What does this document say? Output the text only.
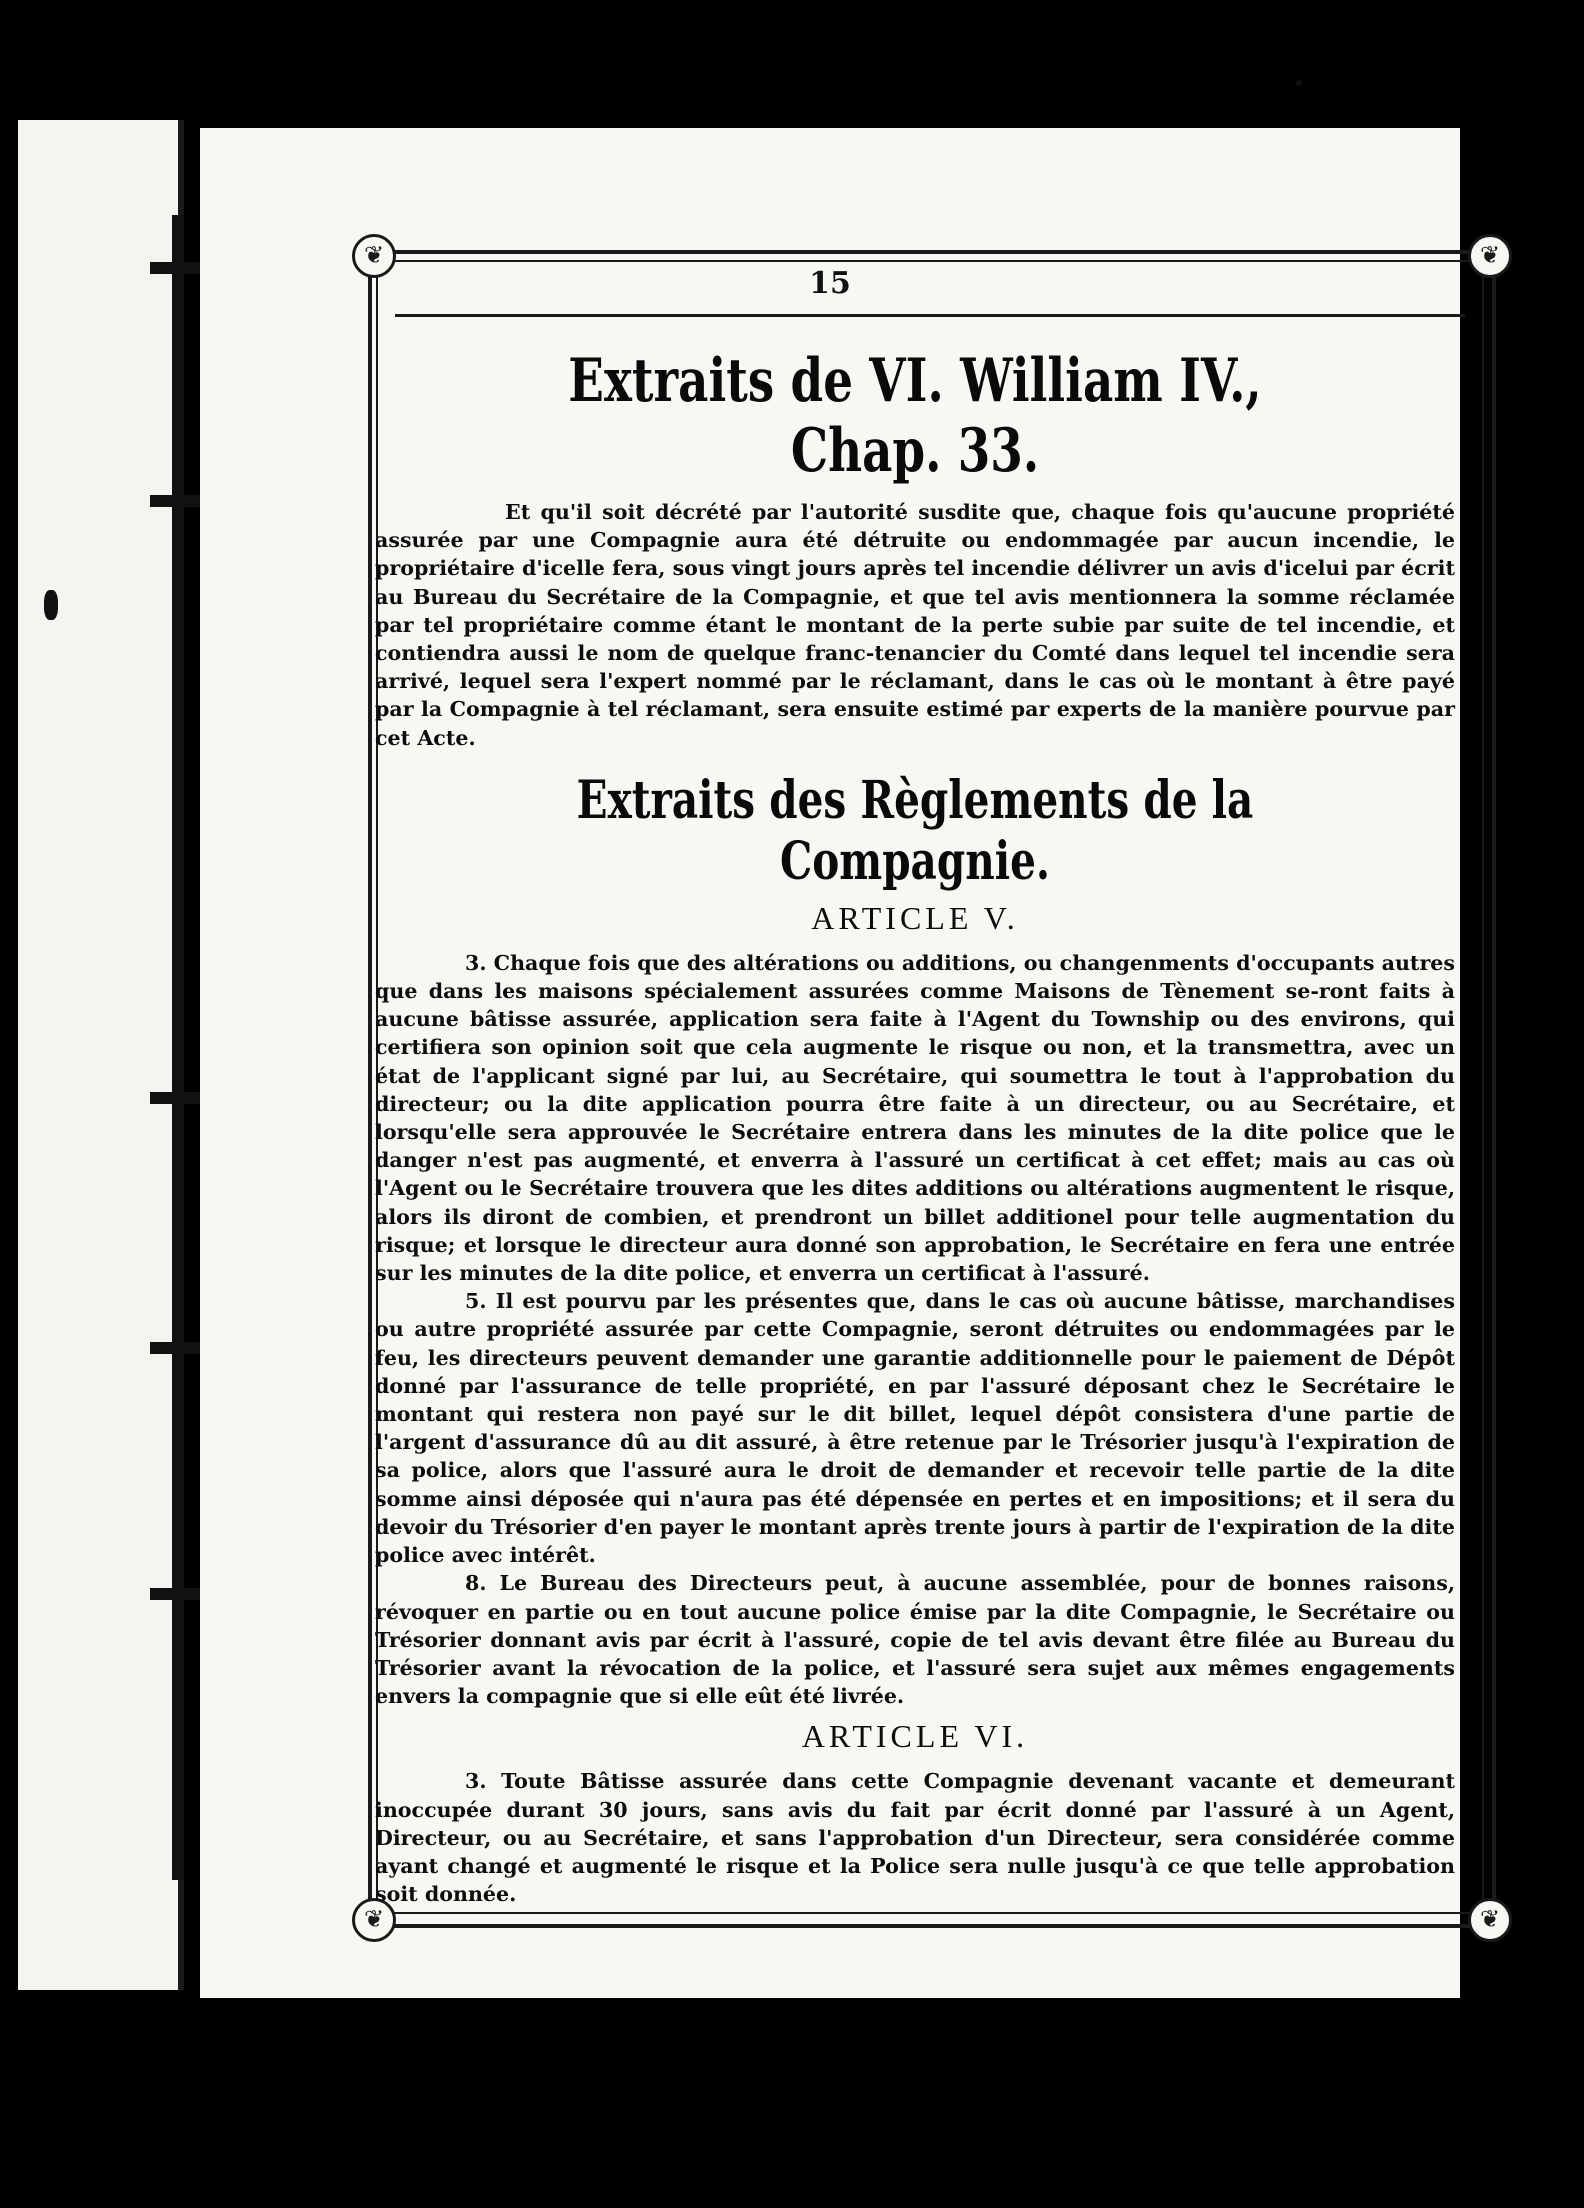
❦	❦
❦	❦
15
Extraits de VI. William IV., Chap. 33.

Et qu'il soit décrété par l'autorité susdite que, chaque fois qu'aucune propriété assurée par une Compagnie aura été détruite ou endommagée par aucun incendie, le propriétaire d'icelle fera, sous vingt jours après tel incendie délivrer un avis d'icelui par écrit au Bureau du Secrétaire de la Compagnie, et que tel avis mentionnera la somme réclamée par tel propriétaire comme étant le montant de la perte subie par suite de tel incendie, et contiendra aussi le nom de quelque franc-tenancier du Comté dans lequel tel incendie sera arrivé, lequel sera l'expert nommé par le réclamant, dans le cas où le montant à être payé par la Compagnie à tel réclamant, sera ensuite estimé par experts de la manière pourvue par cet Acte.

Extraits des Règlements de la Compagnie.
ARTICLE V.

3. Chaque fois que des altérations ou additions, ou changenments d'occupants autres que dans les maisons spécialement assurées comme Maisons de Tènement se-ront faits à aucune bâtisse assurée, application sera faite à l'Agent du Township ou des environs, qui certifiera son opinion soit que cela augmente le risque ou non, et la transmettra, avec un état de l'applicant signé par lui, au Secrétaire, qui soumettra le tout à l'approbation du directeur; ou la dite application pourra être faite à un directeur, ou au Secrétaire, et lorsqu'elle sera approuvée le Secrétaire entrera dans les minutes de la dite police que le danger n'est pas augmenté, et enverra à l'assuré un certificat à cet effet; mais au cas où l'Agent ou le Secrétaire trouvera que les dites additions ou altérations augmentent le risque, alors ils diront de combien, et prendront un billet additionel pour telle augmentation du risque; et lorsque le directeur aura donné son approbation, le Secrétaire en fera une entrée sur les minutes de la dite police, et enverra un certificat à l'assuré.

5. Il est pourvu par les présentes que, dans le cas où aucune bâtisse, marchandises ou autre propriété assurée par cette Compagnie, seront détruites ou endommagées par le feu, les directeurs peuvent demander une garantie additionnelle pour le paiement de Dépôt donné par l'assurance de telle propriété, en par l'assuré déposant chez le Secrétaire le montant qui restera non payé sur le dit billet, lequel dépôt consistera d'une partie de l'argent d'assurance dû au dit assuré, à être retenue par le Trésorier jusqu'à l'expiration de sa police, alors que l'assuré aura le droit de demander et recevoir telle partie de la dite somme ainsi déposée qui n'aura pas été dépensée en pertes et en impositions; et il sera du devoir du Trésorier d'en payer le montant après trente jours à partir de l'expiration de la dite police avec intérêt.

8. Le Bureau des Directeurs peut, à aucune assemblée, pour de bonnes raisons, révoquer en partie ou en tout aucune police émise par la dite Compagnie, le Secrétaire ou Trésorier donnant avis par écrit à l'assuré, copie de tel avis devant être filée au Bureau du Trésorier avant la révocation de la police, et l'assuré sera sujet aux mêmes engagements envers la compagnie que si elle eût été livrée.

ARTICLE VI.

3. Toute Bâtisse assurée dans cette Compagnie devenant vacante et demeurant inoccupée durant 30 jours, sans avis du fait par écrit donné par l'assuré à un Agent, Directeur, ou au Secrétaire, et sans l'approbation d'un Directeur, sera considérée comme ayant changé et augmenté le risque et la Police sera nulle jusqu'à ce que telle approbation soit donnée.
